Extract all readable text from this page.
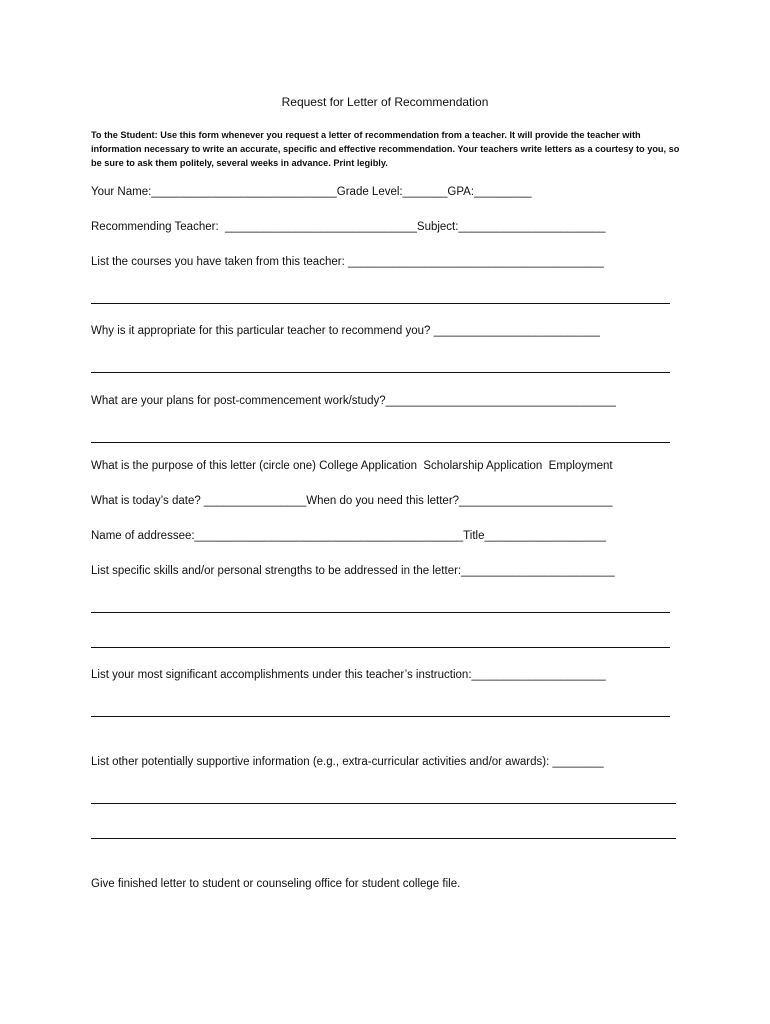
Request for Letter of Recommendation
To the Student: Use this form whenever you request a letter of recommendation from a teacher. It will provide the teacher with information necessary to write an accurate, specific and effective recommendation. Your teachers write letters as a courtesy to you, so be sure to ask them politely, several weeks in advance. Print legibly.
Your Name:_____________________________Grade Level:_______GPA:_________
Recommending Teacher:  ______________________________Subject:_______________________
List the courses you have taken from this teacher: ________________________________________
Why is it appropriate for this particular teacher to recommend you? __________________________
What are your plans for post-commencement work/study?____________________________________
What is the purpose of this letter (circle one) College Application  Scholarship Application  Employment
What is today’s date? ________________When do you need this letter?________________________
Name of addressee:__________________________________________Title___________________
List specific skills and/or personal strengths to be addressed in the letter:________________________
List your most significant accomplishments under this teacher’s instruction:_____________________
List other potentially supportive information (e.g., extra-curricular activities and/or awards): ________
Give finished letter to student or counseling office for student college file.
